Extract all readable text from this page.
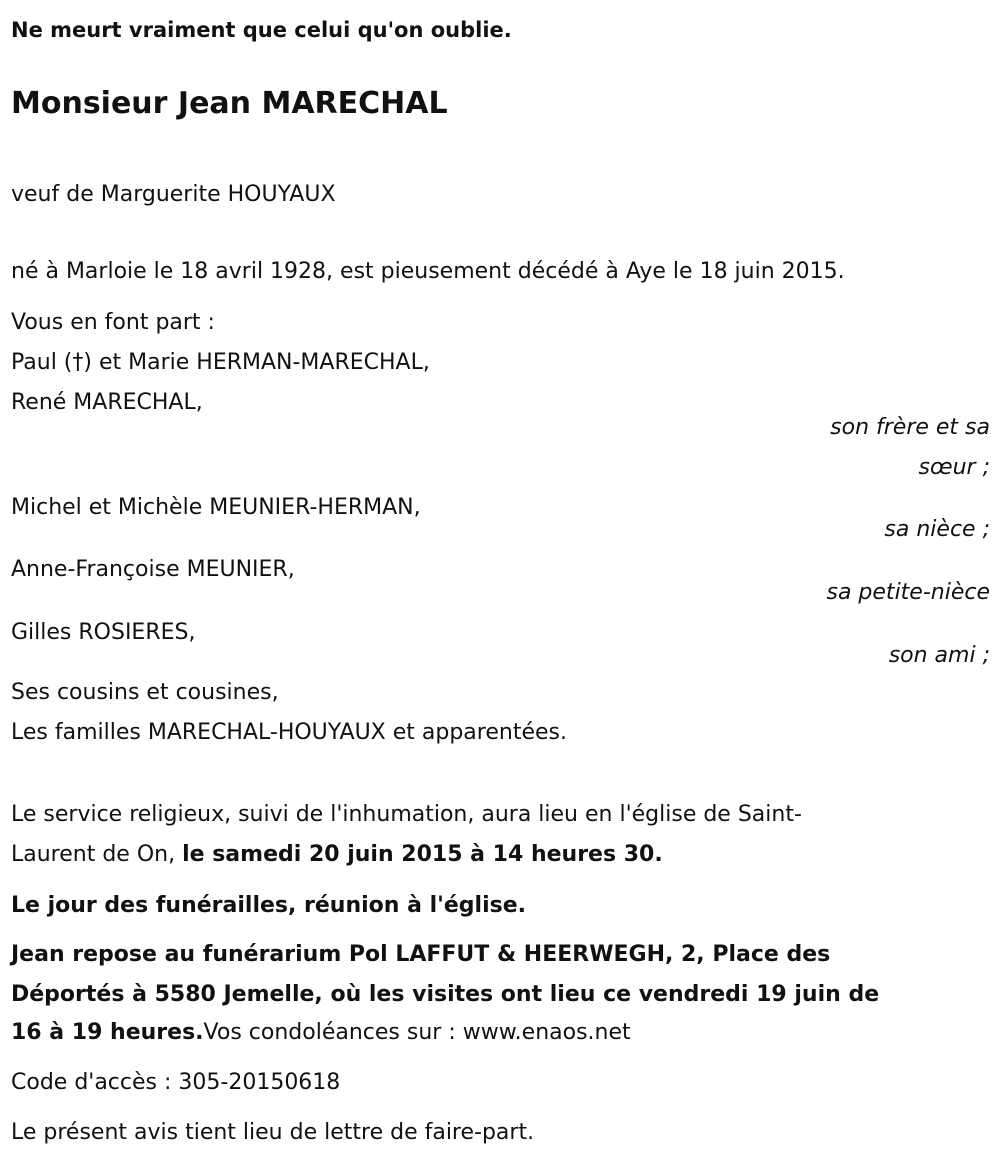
Ne meurt vraiment que celui qu'on oublie.
Monsieur Jean MARECHAL
veuf de Marguerite HOUYAUX
né à Marloie le 18 avril 1928, est pieusement décédé à Aye le 18 juin 2015.
Vous en font part :
Paul (†) et Marie HERMAN-MARECHAL,
René MARECHAL,
son frère et sa
sœur ;
Michel et Michèle MEUNIER-HERMAN,
sa nièce ;
Anne-Françoise MEUNIER,
sa petite-nièce
Gilles ROSIERES,
son ami ;
Ses cousins et cousines,
Les familles MARECHAL-HOUYAUX et apparentées.
Le service religieux, suivi de l'inhumation, aura lieu en l'église de Saint-
Laurent de On, le samedi 20 juin 2015 à 14 heures 30.
Le jour des funérailles, réunion à l'église.
Jean repose au funérarium Pol LAFFUT & HEERWEGH, 2, Place des
Déportés à 5580 Jemelle, où les visites ont lieu ce vendredi 19 juin de
16 à 19 heures.Vos condoléances sur : www.enaos.net
Code d'accès : 305-20150618
Le présent avis tient lieu de lettre de faire-part.
